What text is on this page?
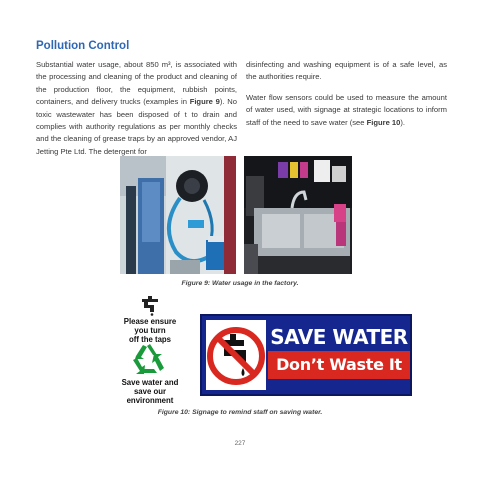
Pollution Control

Substantial water usage, about 850 m³, is associated with the processing and cleaning of the product and cleaning of the production floor, the equipment, rubbish points, containers, and delivery trucks (examples in Figure 9). No toxic wastewater has been disposed of t to drain and complies with authority regulations as per monthly checks and the cleaning of grease traps by an approved vendor, AJ Jetting Pte Ltd. The detergent for

disinfecting and washing equipment is of a safe level, as the authorities require.

Water flow sensors could be used to measure the amount of water used, with signage at strategic locations to inform staff of the need to save water (see Figure 10).

Figure 9: Water usage in the factory.
Please ensure
you turn
off the taps
Save water and
save our
environment
SAVE WATER
Don’t Waste It
Figure 10: Signage to remind staff on saving water.
227
